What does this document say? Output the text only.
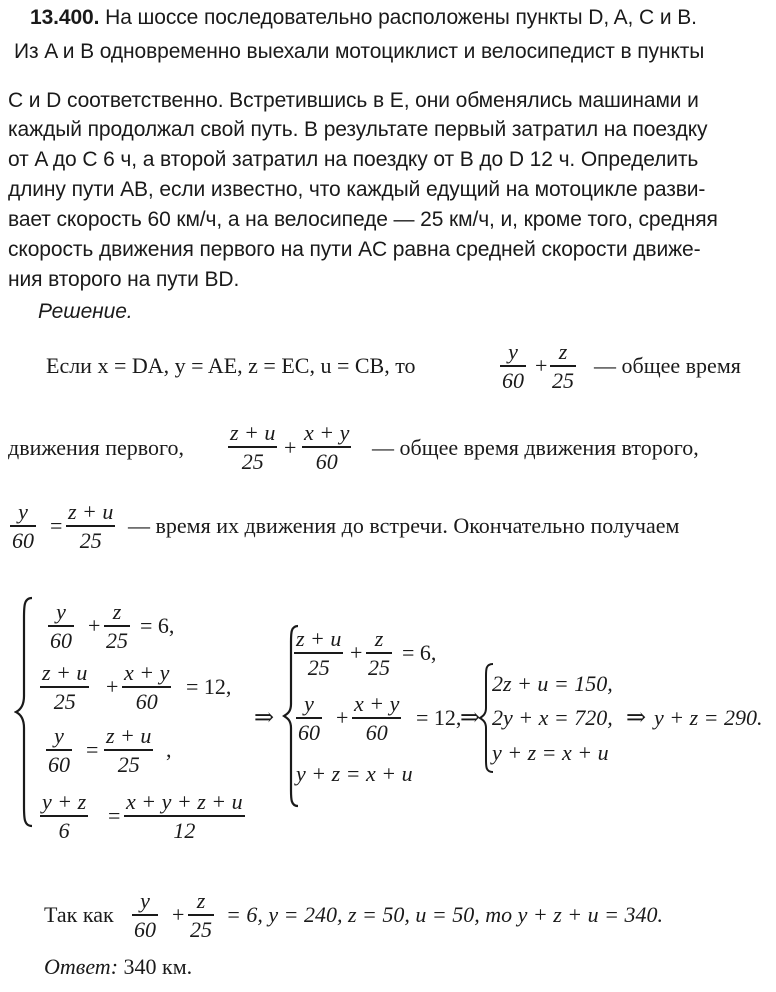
13.400. На шоссе последовательно расположены пункты D, A, C и B.
Из A и B одновременно выехали мотоциклист и велосипедист в пункты
C и D соответственно. Встретившись в E, они обменялись машинами и
каждый продолжал свой путь. В результате первый затратил на поездку
от A до C 6 ч, а второй затратил на поездку от B до D 12 ч. Определить
длину пути AB, если известно, что каждый едущий на мотоцикле разви-
вает скорость 60 км/ч, а на велосипеде — 25 км/ч, и, кроме того, средняя
скорость движения первого на пути AC равна средней скорости движе-
ния второго на пути BD.
Решение.
Если x = DA, y = AE, z = EC, u = CB, то
y
60
+
z
25
— общее время
движения первого,
z + u
25
+
x + y
60
— общее время движения второго,
y
60
=
z + u
25
— время их движения до встречи. Окончательно получаем
y
60
+
z
25
= 6,
z + u
25
+
x + y
60
= 12,
y
60
=
z + u
25
,
y + z
6
=
x + y + z + u
12
⇒
z + u
25
+
z
25
= 6,
y
60
+
x + y
60
= 12,
⇒
y + z = x + u
2z + u = 150,
2y + x = 720, ⇒ y + z = 290.
y + z = x + u
Так как
y
60
+
z
25
= 6, y = 240, z = 50, u = 50, то y + z + u = 340.
Ответ: 340 км.
